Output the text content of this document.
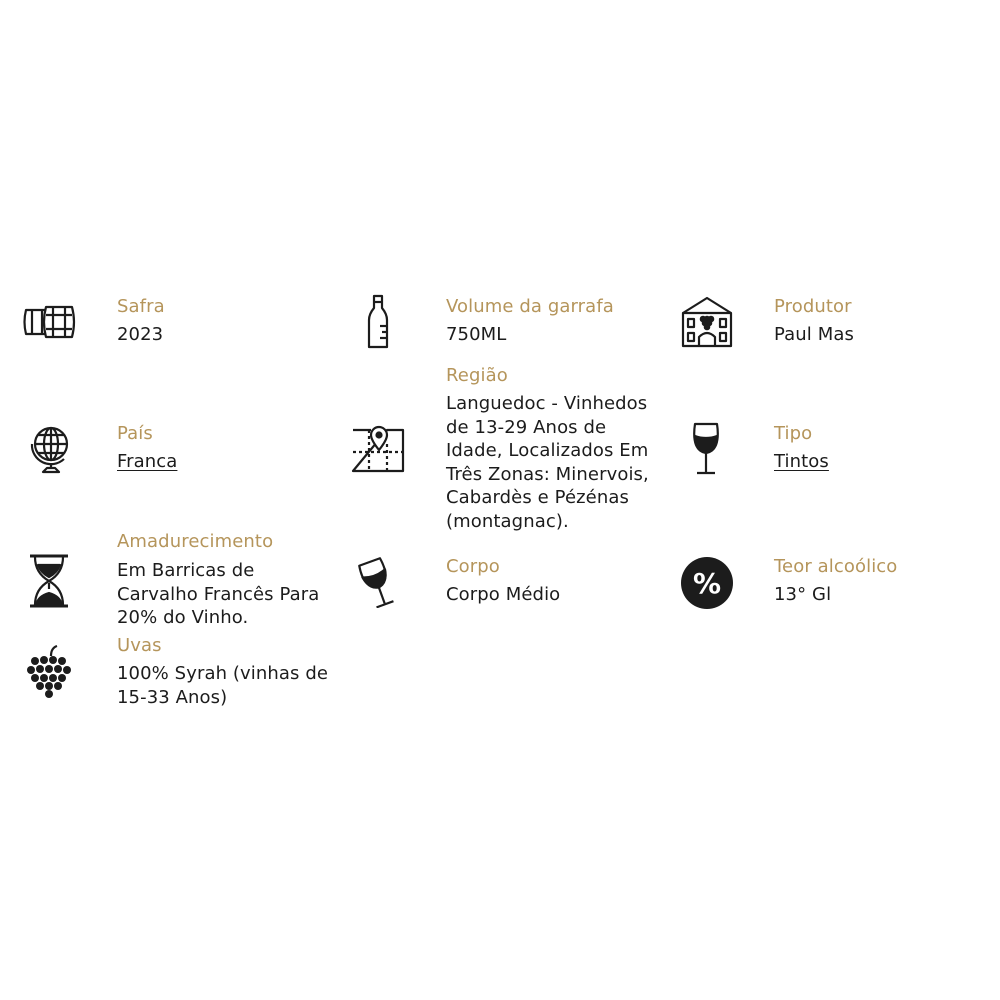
Safra
2023
Volume da garrafa
750ML
Produtor
Paul Mas
Região
Languedoc - Vinhedos de 13-29 Anos de Idade, Localizados Em Três Zonas: Minervois, Cabardès e Pézénas (montagnac).
País
Franca
Tipo
Tintos
Amadurecimento
Em Barricas de Carvalho Francês Para 20% do Vinho.
Corpo
Corpo Médio	%
Teor alcoólico
13° Gl
Uvas
100% Syrah (vinhas de 15-33 Anos)
